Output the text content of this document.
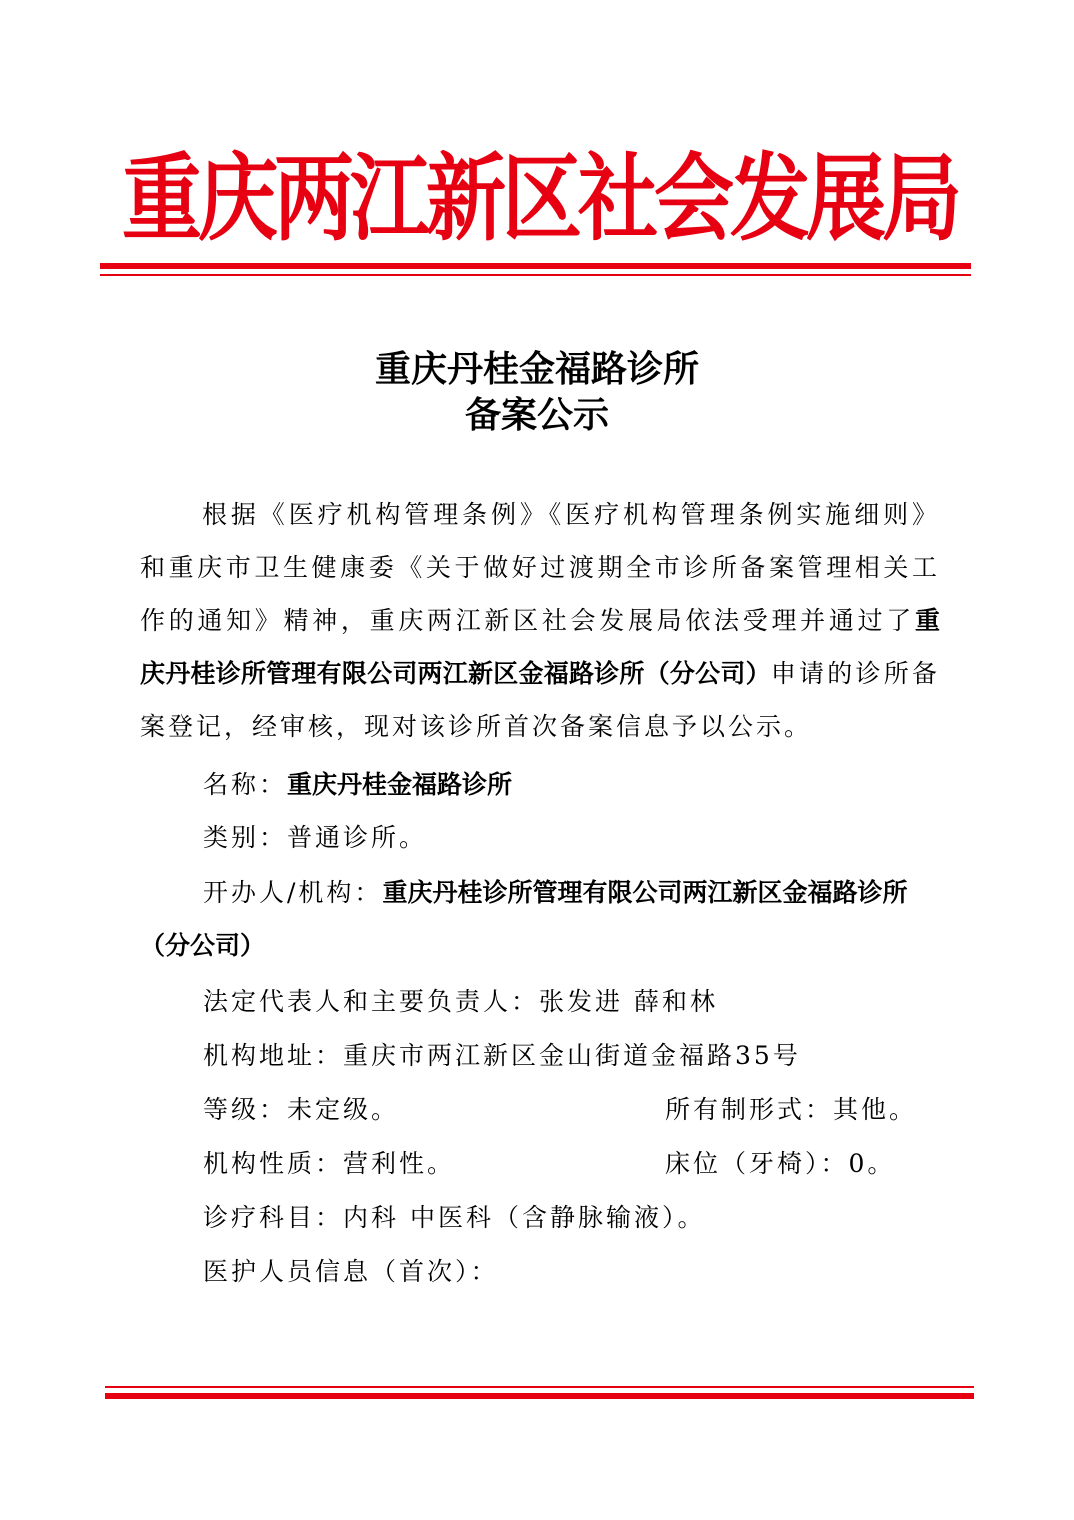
重庆两江新区社会发展局
重庆丹桂金福路诊所
备案公示
根据《医疗机构管理条例》《医疗机构管理条例实施细则》和重庆市卫生健康委《关于做好过渡期全市诊所备案管理相关工作的通知》精神，重庆两江新区社会发展局依法受理并通过了重庆丹桂诊所管理有限公司两江新区金福路诊所（分公司）申请的诊所备案登记，经审核，现对该诊所首次备案信息予以公示。
名称：重庆丹桂金福路诊所
类别：普通诊所。
开办人/机构：重庆丹桂诊所管理有限公司两江新区金福路诊所
（分公司）
法定代表人和主要负责人：张发进 薛和林
机构地址：重庆市两江新区金山街道金福路35号
等级：未定级。	所有制形式：其他。
机构性质：营利性。	床位（牙椅）：0。
诊疗科目：内科 中医科（含静脉输液）。
医护人员信息（首次）：
